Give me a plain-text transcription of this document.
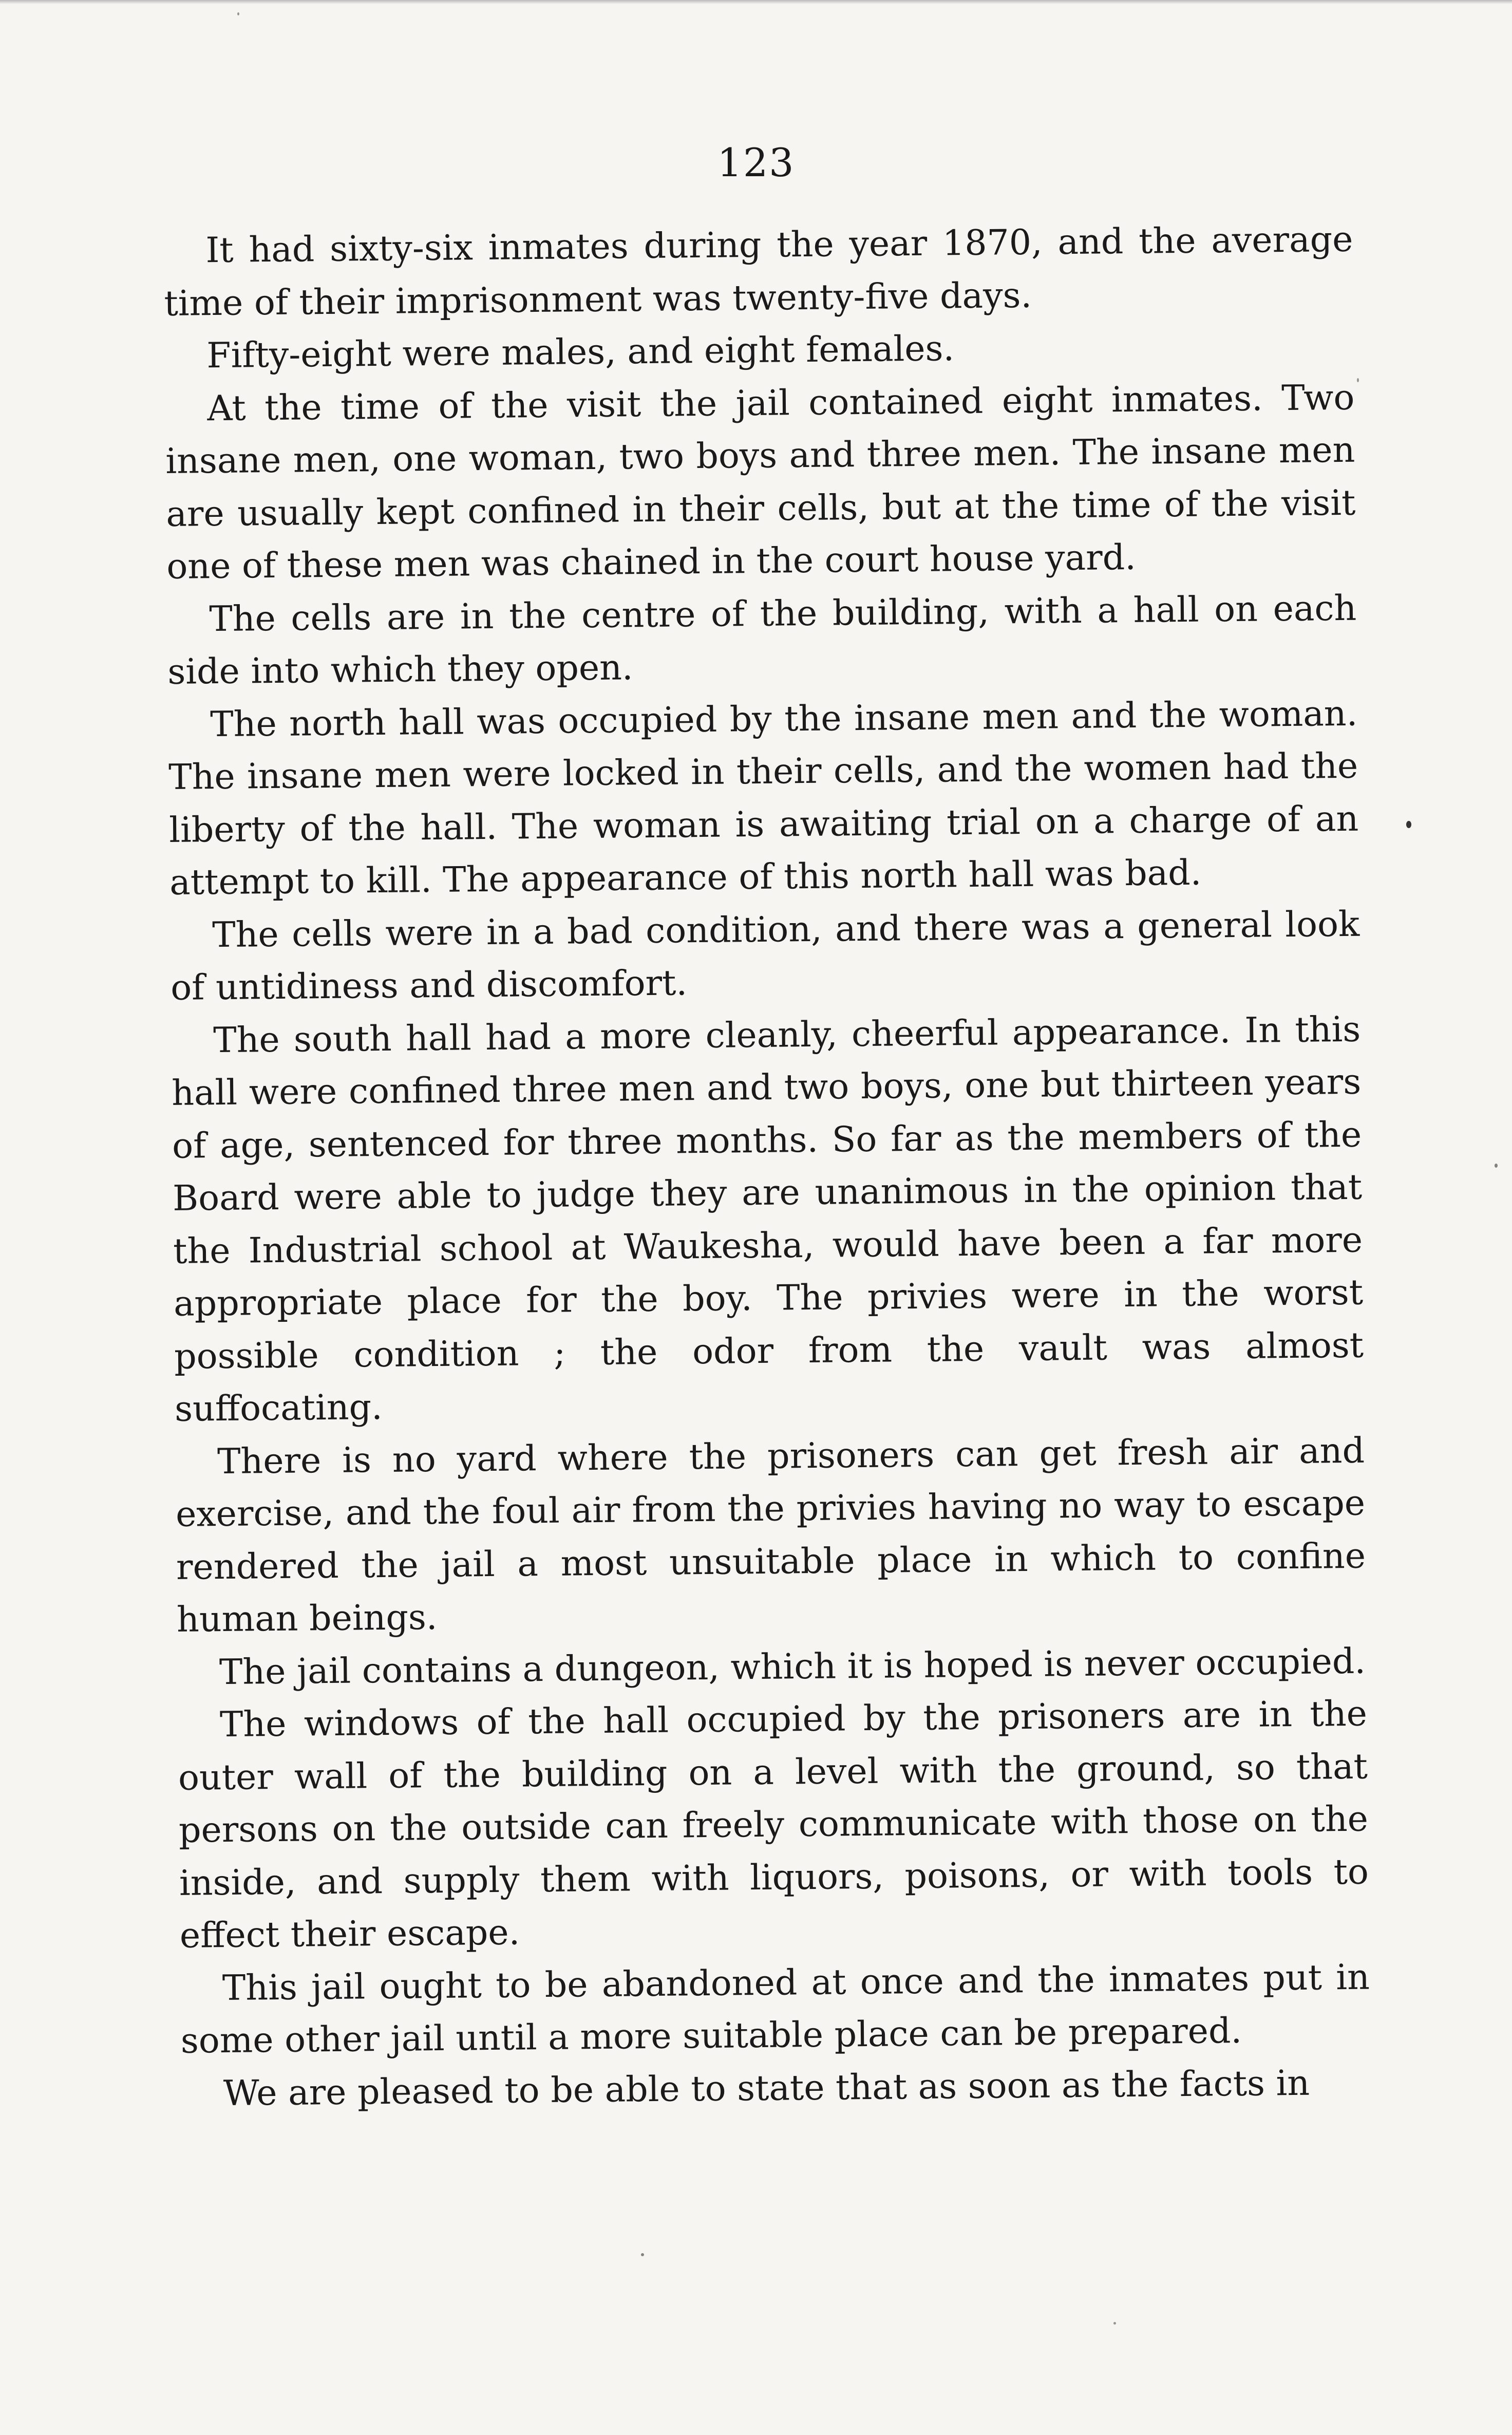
123

It had sixty-six inmates during the year 1870, and the average time of their imprisonment was twenty-five days.

Fifty-eight were males, and eight females.

At the time of the visit the jail contained eight inmates. Two insane men, one woman, two boys and three men. The insane men are usually kept confined in their cells, but at the time of the visit one of these men was chained in the court house yard.

The cells are in the centre of the building, with a hall on each side into which they open.

The north hall was occupied by the insane men and the woman. The insane men were locked in their cells, and the women had the liberty of the hall. The woman is awaiting trial on a charge of an attempt to kill. The appearance of this north hall was bad.

The cells were in a bad condition, and there was a general look of untidiness and discomfort.

The south hall had a more cleanly, cheerful appearance. In this hall were confined three men and two boys, one but thirteen years of age, sentenced for three months. So far as the members of the Board were able to judge they are unanimous in the opinion that the Industrial school at Waukesha, would have been a far more appropriate place for the boy. The privies were in the worst possible condition ; the odor from the vault was almost suffocating.

There is no yard where the prisoners can get fresh air and exercise, and the foul air from the privies having no way to escape rendered the jail a most unsuitable place in which to confine human beings.

The jail contains a dungeon, which it is hoped is never occupied.

The windows of the hall occupied by the prisoners are in the outer wall of the building on a level with the ground, so that persons on the outside can freely communicate with those on the inside, and supply them with liquors, poisons, or with tools to effect their escape.

This jail ought to be abandoned at once and the inmates put in some other jail until a more suitable place can be prepared.

We are pleased to be able to state that as soon as the facts in
